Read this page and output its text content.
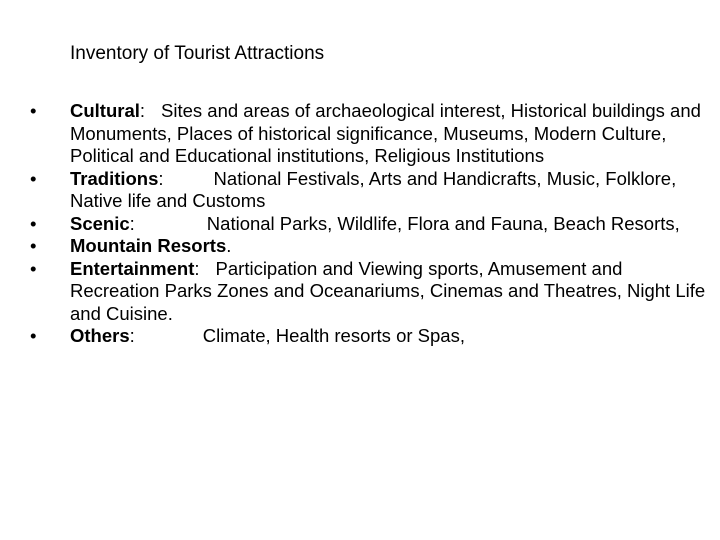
Inventory of Tourist Attractions
•	Cultural: Sites and areas of archaeological interest, Historical buildings and Monuments, Places of historical significance, Museums, Modern Culture, Political and Educational institutions, Religious Institutions
•	Traditions:	National Festivals, Arts and Handicrafts, Music, Folklore, Native life and Customs
•	Scenic:	National Parks, Wildlife, Flora and Fauna, Beach Resorts,
•	Mountain Resorts.
•	Entertainment: Participation and Viewing sports, Amusement and Recreation Parks Zones and Oceanariums, Cinemas and Theatres, Night Life and Cuisine.
•	Others:	Climate, Health resorts or Spas,
